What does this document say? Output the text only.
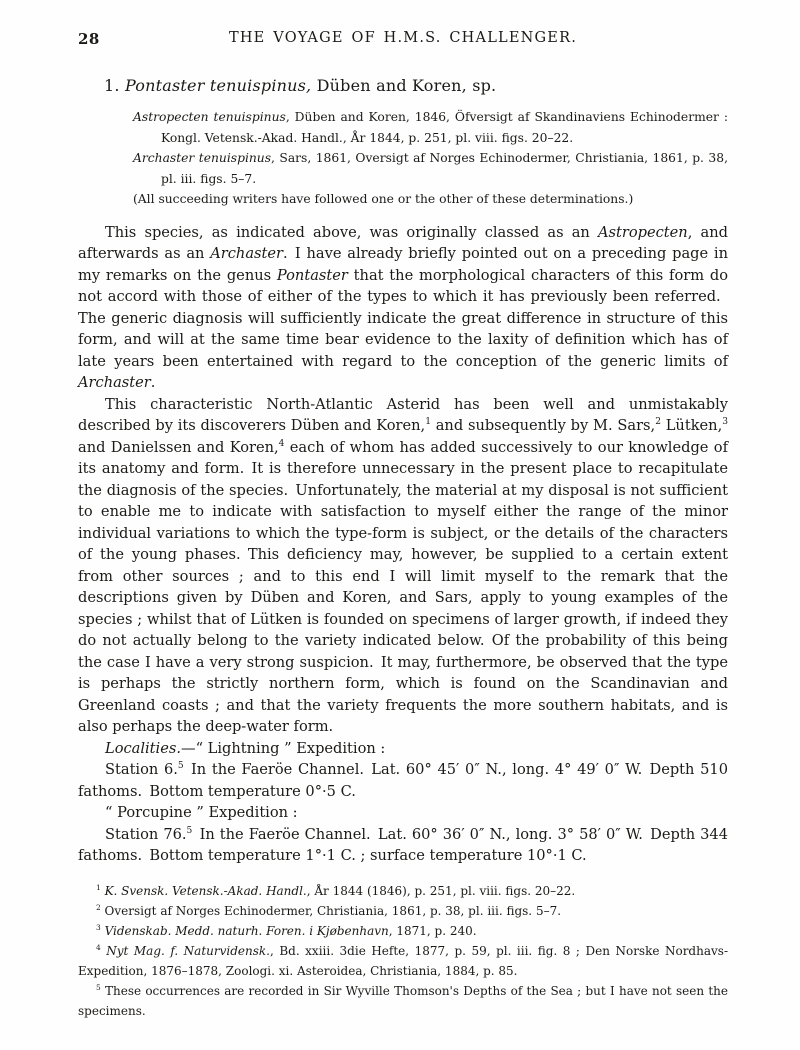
28	THE VOYAGE OF H.M.S. CHALLENGER.
1. Pontaster tenuispinus, Düben and Koren, sp.

Astropecten tenuispinus, Düben and Koren, 1846, Öfversigt af Skandinaviens Echinodermer : Kongl. Vetensk.-Akad. Handl., År 1844, p. 251, pl. viii. figs. 20–22.

Archaster tenuispinus, Sars, 1861, Oversigt af Norges Echinodermer, Christiania, 1861, p. 38, pl. iii. figs. 5–7.

(All succeeding writers have followed one or the other of these determinations.)

This species, as indicated above, was originally classed as an Astropecten, and afterwards as an Archaster. I have already briefly pointed out on a preceding page in my remarks on the genus Pontaster that the morphological characters of this form do not accord with those of either of the types to which it has previously been referred. The generic diagnosis will sufficiently indicate the great difference in structure of this form, and will at the same time bear evidence to the laxity of definition which has of late years been entertained with regard to the conception of the generic limits of Archaster.

This characteristic North-Atlantic Asterid has been well and unmistakably described by its discoverers Düben and Koren,$^1$ and subsequently by M. Sars,$^2$ Lütken,$^3$ and Danielssen and Koren,$^4$ each of whom has added successively to our knowledge of its anatomy and form. It is therefore unnecessary in the present place to recapitulate the diagnosis of the species. Unfortunately, the material at my disposal is not sufficient to enable me to indicate with satisfaction to myself either the range of the minor individual variations to which the type-form is subject, or the details of the characters of the young phases. This deficiency may, however, be supplied to a certain extent from other sources ; and to this end I will limit myself to the remark that the descriptions given by Düben and Koren, and Sars, apply to young examples of the species ; whilst that of Lütken is founded on specimens of larger growth, if indeed they do not actually belong to the variety indicated below. Of the probability of this being the case I have a very strong suspicion. It may, furthermore, be observed that the type is perhaps the strictly northern form, which is found on the Scandinavian and Greenland coasts ; and that the variety frequents the more southern habitats, and is also perhaps the deep-water form.

Localities.—“ Lightning ” Expedition :

Station 6.$^5$ In the Faeröe Channel. Lat. 60° 45′ 0″ N., long. 4° 49′ 0″ W. Depth 510 fathoms. Bottom temperature 0°·5 C.

“ Porcupine ” Expedition :

Station 76.$^5$ In the Faeröe Channel. Lat. 60° 36′ 0″ N., long. 3° 58′ 0″ W. Depth 344 fathoms. Bottom temperature 1°·1 C. ; surface temperature 10°·1 C.

$^1$ K. Svensk. Vetensk.-Akad. Handl., År 1844 (1846), p. 251, pl. viii. figs. 20–22.

$^2$ Oversigt af Norges Echinodermer, Christiania, 1861, p. 38, pl. iii. figs. 5–7.

$^3$ Videnskab. Medd. naturh. Foren. i Kjøbenhavn, 1871, p. 240.

$^4$ Nyt Mag. f. Naturvidensk., Bd. xxiii. 3die Hefte, 1877, p. 59, pl. iii. fig. 8 ; Den Norske Nordhavs-Expedition, 1876–1878, Zoologi. xi. Asteroidea, Christiania, 1884, p. 85.

$^5$ These occurrences are recorded in Sir Wyville Thomson's Depths of the Sea ; but I have not seen the specimens.
